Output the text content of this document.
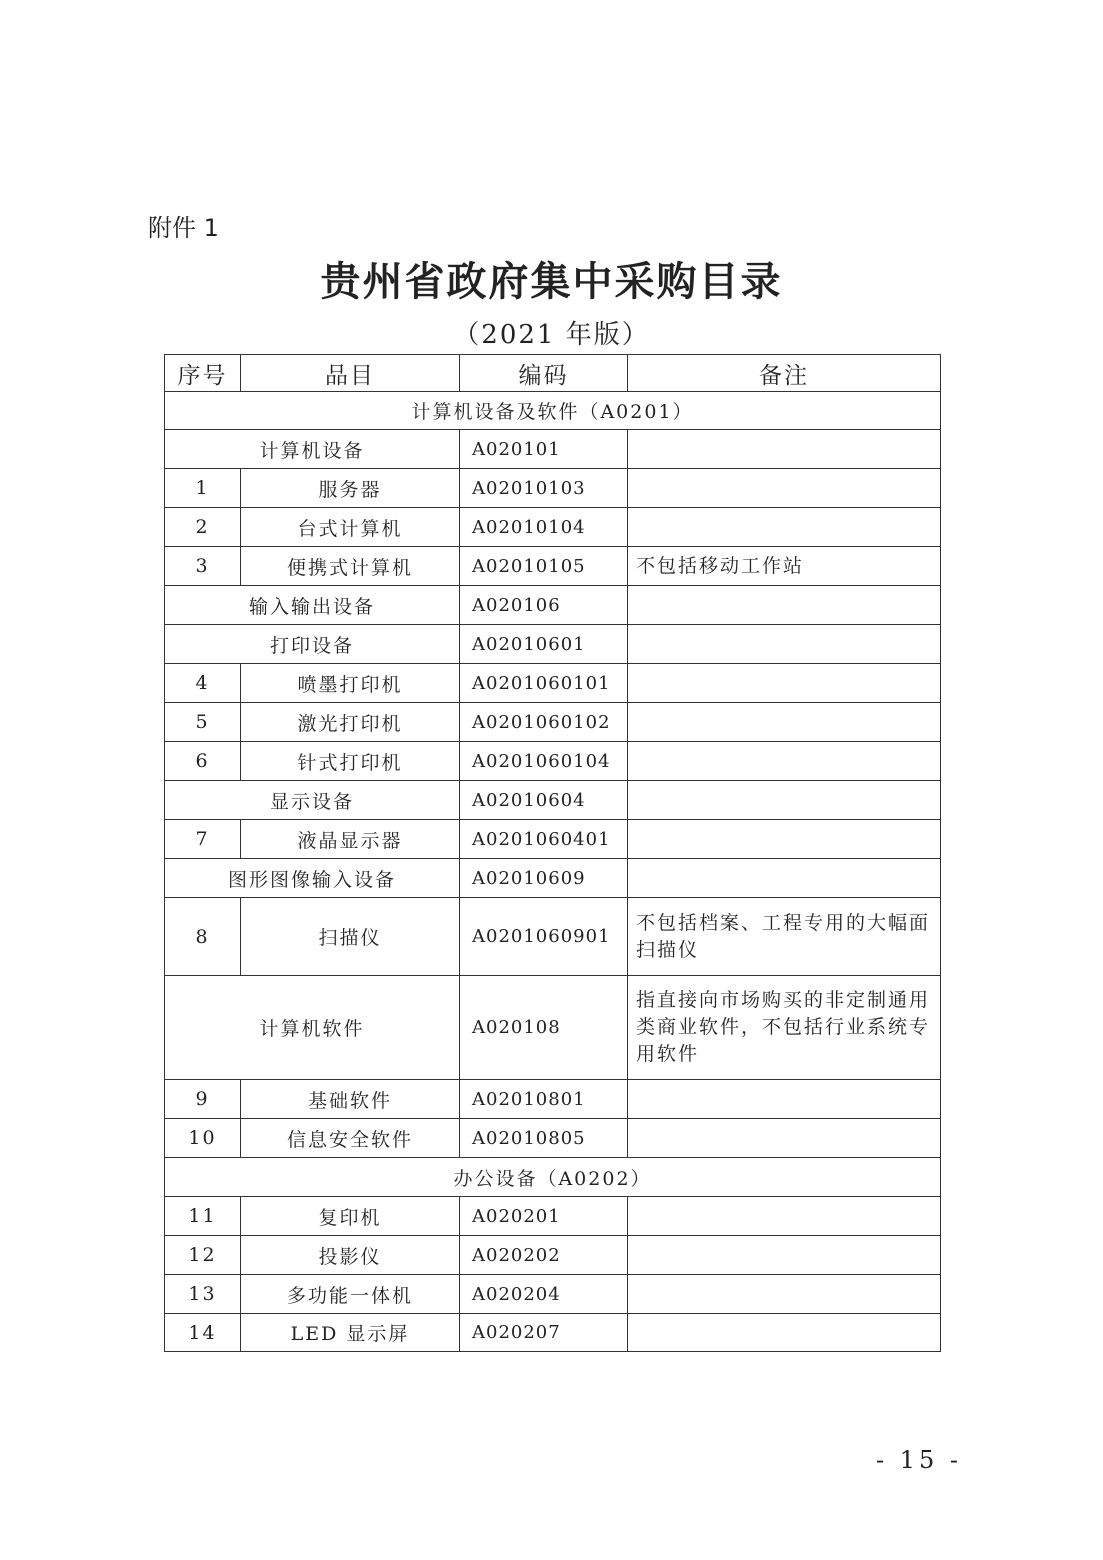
附件 1
贵州省政府集中采购目录
（2021 年版）
序号	品目	编码	备注
计算机设备及软件（A0201）			
计算机设备		A020101	
1	服务器	A02010103	
2	台式计算机	A02010104	
3	便携式计算机	A02010105	不包括移动工作站
输入输出设备		A020106	
打印设备		A02010601	
4	喷墨打印机	A0201060101	
5	激光打印机	A0201060102	
6	针式打印机	A0201060104	
显示设备		A02010604	
7	液晶显示器	A0201060401	
图形图像输入设备		A02010609	
8	扫描仪	A0201060901	不包括档案、工程专用的大幅面扫描仪
计算机软件		A020108	指直接向市场购买的非定制通用类商业软件，不包括行业系统专用软件
9	基础软件	A02010801	
10	信息安全软件	A02010805	
办公设备（A0202）			
11	复印机	A020201	
12	投影仪	A020202	
13	多功能一体机	A020204	
14	LED 显示屏	A020207	
- 15 -
